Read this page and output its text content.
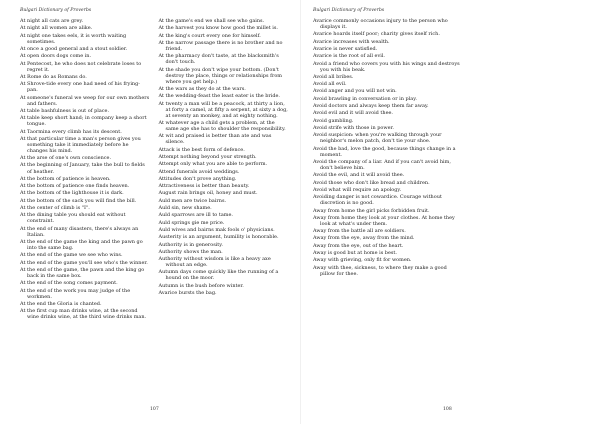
Bulgari Dictionary of Proverbs
At night all cats are grey.
At night all women are alike.
At night one takes eels, it is worth waiting sometimes.
At once a good general and a stout soldier.
At open doors dogs come in.
At Pentecost, he who does not celebrate loses to regret it.
At Rome do as Romans do.
At Shrove-tide every one had need of his frying-pan.
At someone's funeral we weep for our own mothers and fathers.
At table bashfulness is out of place.
At table keep short hand; in company keep a short tongue.
At Taormina every climb has its descent.
At that particular time a man's person gives you something take it immediately before he changes his mind.
At the arse of one's own conscience.
At the beginning of January, take the bull to fields of heather.
At the bottom of patience is heaven.
At the bottom of patience one finds heaven.
At the bottom of the lighthouse it is dark.
At the bottom of the sack you will find the bill.
At the center of climb is "I".
At the dining table you should eat without constraint.
At the end of many disasters, there's always an Italian.
At the end of the game the king and the pawn go into the same bag.
At the end of the game we see who wins.
At the end of the game you'll see who's the winner.
At the end of the game, the pawn and the king go back in the same box.
At the end of the song comes payment.
At the end of the work you may judge of the workmen.
At the end the Gloria is chanted.
At the first cup man drinks wine, at the second wine drinks wine, at the third wine drinks man.
At the game's end we shall see who gains.
At the harvest you know how good the millet is.
At the king's court every one for himself.
At the narrow passage there is no brother and no friend.
At the pharmacy don't taste, at the blacksmith's don't touch.
At the shade you don't wipe your bottom. (Don't destroy the place, things or relationships from where you get help.)
At the wars as they do at the wars.
At the wedding-feast the least eater is the bride.
At twenty a man will be a peacock, at thirty a lion, at forty a camel, at fifty a serpent, at sixty a dog, at seventy an monkey, and at eighty nothing.
At whatever age a child gets a problem, at the same age she has to shoulder the responsibility.
At wit and praised is better than ate and was silence.
Attack is the best form of defence.
Attempt nothing beyond your strength.
Attempt only what you are able to perform.
Attend funerals avoid weddings.
Attitudes don't prove anything.
Attractiveness is better than beauty.
August rain brings oil, honey and must.
Auld men are twice bairns.
Auld sin, new shame.
Auld sparrows are ill to tame.
Auld springs gie me price.
Auld wives and bairns mak fools o' physicians.
Austerity is an argument, humility is honorable.
Authority is in generosity.
Authority shows the man.
Authority without wisdom is like a heavy axe without an edge.
Autumn days come quickly like the running of a hound on the moor.
Autumn is the bush before winter.
Avarice bursts the bag.
107
Bulgari Dictionary of Proverbs
Avarice commonly occasions injury to the person who displays it.
Avarice hoards itself poor; charity gives itself rich.
Avarice increases with wealth.
Avarice is never satisfied.
Avarice is the root of all evil.
Avoid a friend who covers you with his wings and destroys you with his beak.
Avoid all bribes.
Avoid all evil.
Avoid anger and you will not win.
Avoid brawling in conversation or in play.
Avoid doctors and always keep them far away.
Avoid evil and it will avoid thee.
Avoid gambling.
Avoid strife with those in power.
Avoid suspicion: when you're walking through your neighbor's melon patch, don't tie your shoe.
Avoid the bad, love the good, because things change in a moment.
Avoid the company of a liar. And if you can't avoid him, don't believe him.
Avoid the evil, and it will avoid thee.
Avoid those who don't like bread and children.
Avoid what will require an apology.
Avoiding danger is not cowardice. Courage without discretion is no good.
Away from home the girl picks forbidden fruit.
Away from home they look at your clothes. At home they look at what's under them.
Away from the battle all are soldiers.
Away from the eye, away from the mind.
Away from the eye, out of the heart.
Away is good but at home is best.
Away with grieving, only fit for women.
Away with thee, sickness, to where they make a good pillow for thee.
108
